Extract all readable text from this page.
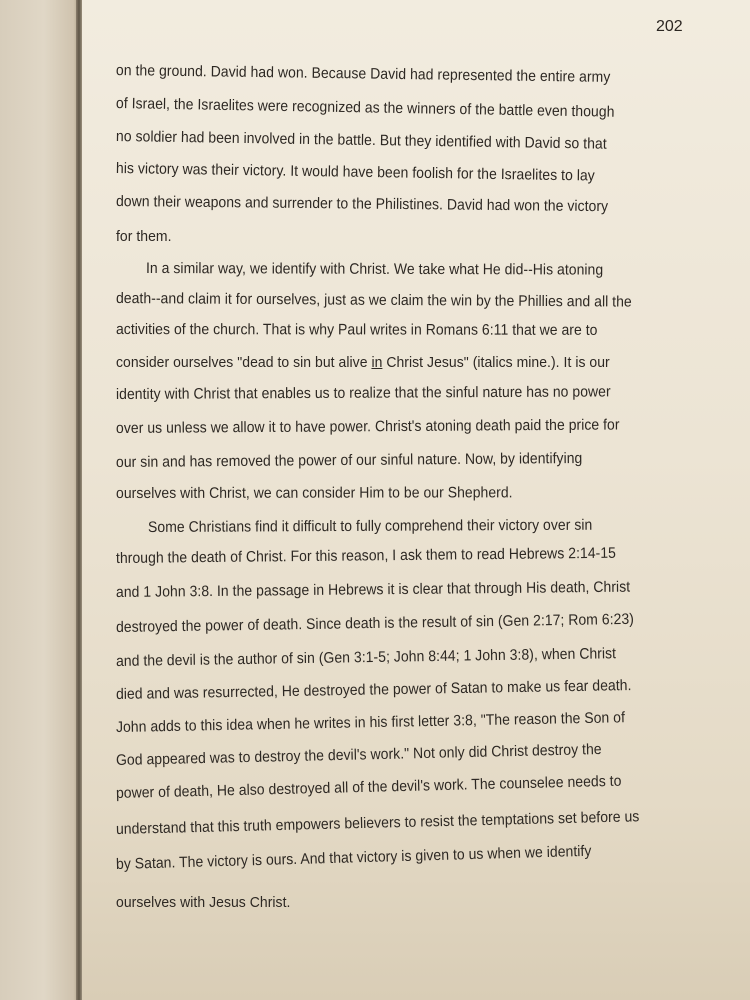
202
on the ground. David had won. Because David had represented the entire army
of Israel, the Israelites were recognized as the winners of the battle even though
no soldier had been involved in the battle. But they identified with David so that
his victory was their victory. It would have been foolish for the Israelites to lay
down their weapons and surrender to the Philistines. David had won the victory
for them.
In a similar way, we identify with Christ. We take what He did--His atoning
death--and claim it for ourselves, just as we claim the win by the Phillies and all the
activities of the church. That is why Paul writes in Romans 6:11 that we are to
consider ourselves "dead to sin but alive in Christ Jesus" (italics mine.). It is our
identity with Christ that enables us to realize that the sinful nature has no power
over us unless we allow it to have power. Christ's atoning death paid the price for
our sin and has removed the power of our sinful nature. Now, by identifying
ourselves with Christ, we can consider Him to be our Shepherd.
Some Christians find it difficult to fully comprehend their victory over sin
through the death of Christ. For this reason, I ask them to read Hebrews 2:14-15
and 1 John 3:8. In the passage in Hebrews it is clear that through His death, Christ
destroyed the power of death. Since death is the result of sin (Gen 2:17; Rom 6:23)
and the devil is the author of sin (Gen 3:1-5; John 8:44; 1 John 3:8), when Christ
died and was resurrected, He destroyed the power of Satan to make us fear death.
John adds to this idea when he writes in his first letter 3:8, "The reason the Son of
God appeared was to destroy the devil's work." Not only did Christ destroy the
power of death, He also destroyed all of the devil's work. The counselee needs to
understand that this truth empowers believers to resist the temptations set before us
by Satan. The victory is ours. And that victory is given to us when we identify
ourselves with Jesus Christ.
